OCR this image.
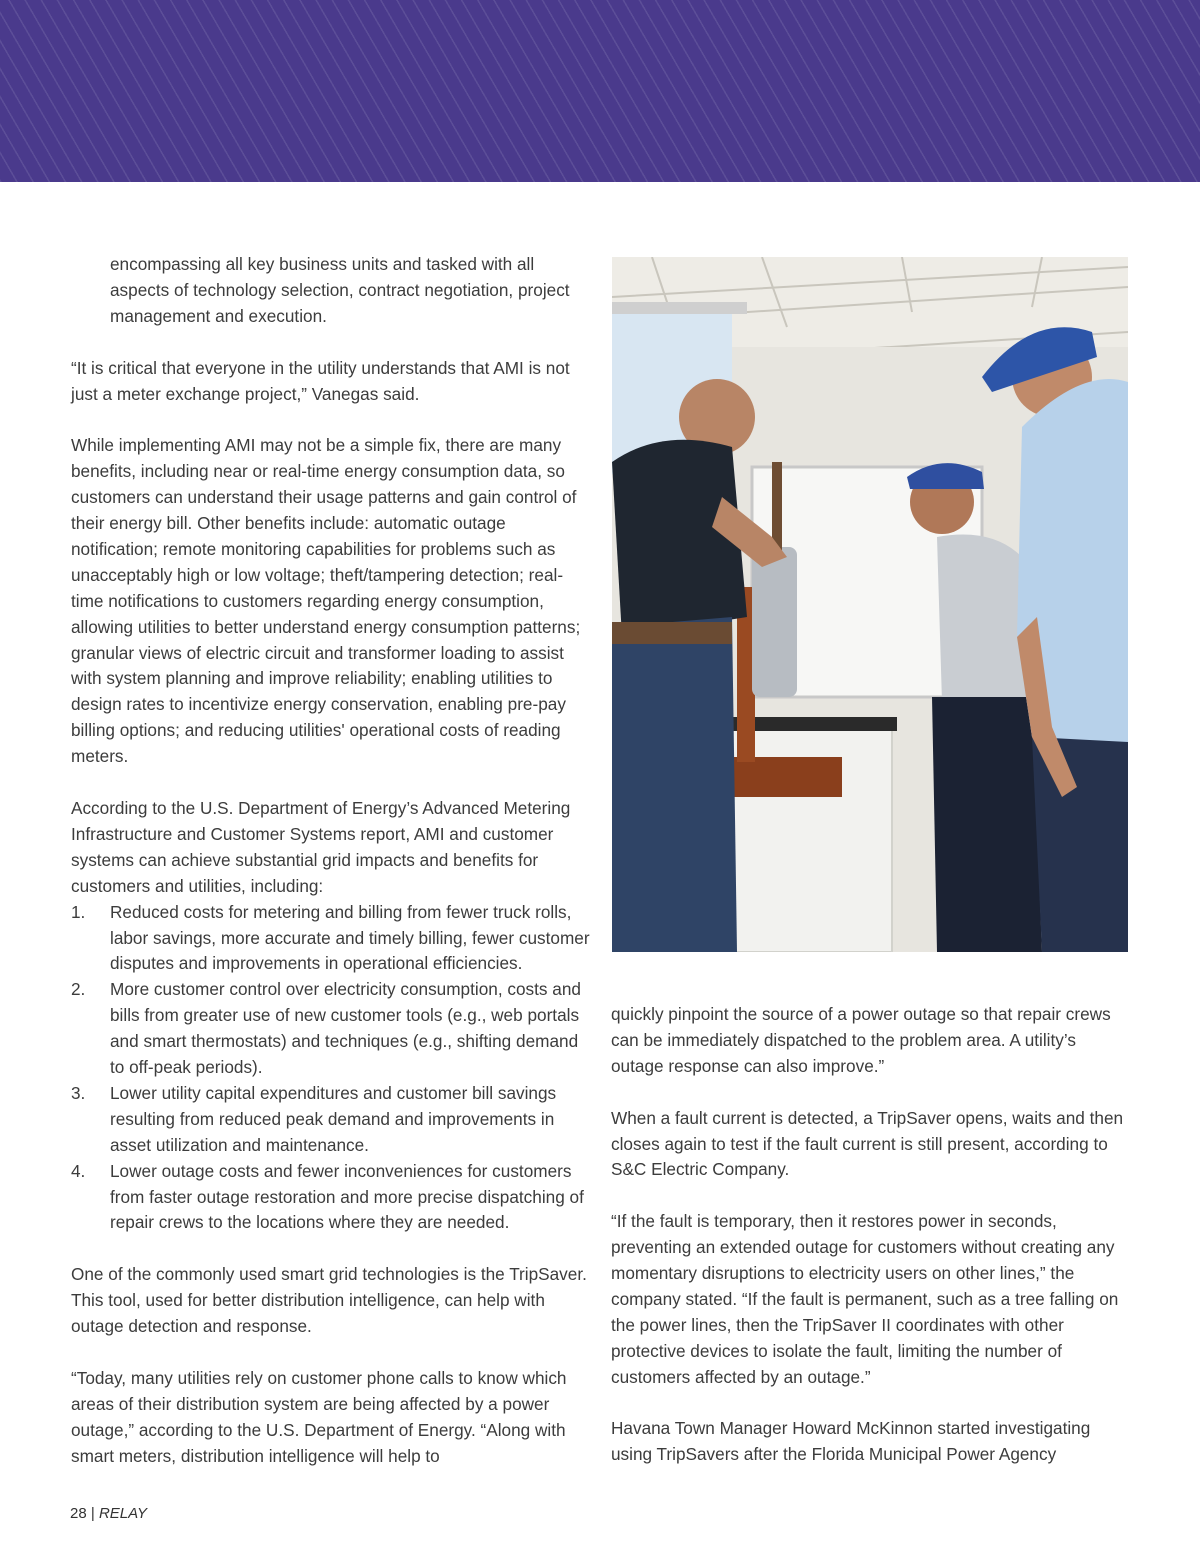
encompassing all key business units and tasked with all aspects of technology selection, contract negotiation, project management and execution.

“It is critical that everyone in the utility understands that AMI is not just a meter exchange project,” Vanegas said.

While implementing AMI may not be a simple fix, there are many benefits, including near or real-time energy consumption data, so customers can understand their usage patterns and gain control of their energy bill. Other benefits include: automatic outage notification; remote monitoring capabilities for problems such as unacceptably high or low voltage; theft/tampering detection; real-time notifications to customers regarding energy consumption, allowing utilities to better understand energy consumption patterns; granular views of electric circuit and transformer loading to assist with system planning and improve reliability; enabling utilities to design rates to incentivize energy conservation, enabling pre-pay billing options; and reducing utilities' operational costs of reading meters.

According to the U.S. Department of Energy’s Advanced Metering Infrastructure and Customer Systems report, AMI and customer systems can achieve substantial grid impacts and benefits for customers and utilities, including:

1. Reduced costs for metering and billing from fewer truck rolls, labor savings, more accurate and timely billing, fewer customer disputes and improvements in operational efficiencies.
2. More customer control over electricity consumption, costs and bills from greater use of new customer tools (e.g., web portals and smart thermostats) and techniques (e.g., shifting demand to off-peak periods).
3. Lower utility capital expenditures and customer bill savings resulting from reduced peak demand and improvements in asset utilization and maintenance.
4. Lower outage costs and fewer inconveniences for customers from faster outage restoration and more precise dispatching of repair crews to the locations where they are needed.

One of the commonly used smart grid technologies is the TripSaver. This tool, used for better distribution intelligence, can help with outage detection and response.

“Today, many utilities rely on customer phone calls to know which areas of their distribution system are being affected by a power outage,” according to the U.S. Department of Energy. “Along with smart meters, distribution intelligence will help to

quickly pinpoint the source of a power outage so that repair crews can be immediately dispatched to the problem area. A utility’s outage response can also improve.”

When a fault current is detected, a TripSaver opens, waits and then closes again to test if the fault current is still present, according to S&C Electric Company.

“If the fault is temporary, then it restores power in seconds, preventing an extended outage for customers without creating any momentary disruptions to electricity users on other lines,” the company stated. “If the fault is permanent, such as a tree falling on the power lines, then the TripSaver II coordinates with other protective devices to isolate the fault, limiting the number of customers affected by an outage.”

Havana Town Manager Howard McKinnon started investigating using TripSavers after the Florida Municipal Power Agency

28 | RELAY
